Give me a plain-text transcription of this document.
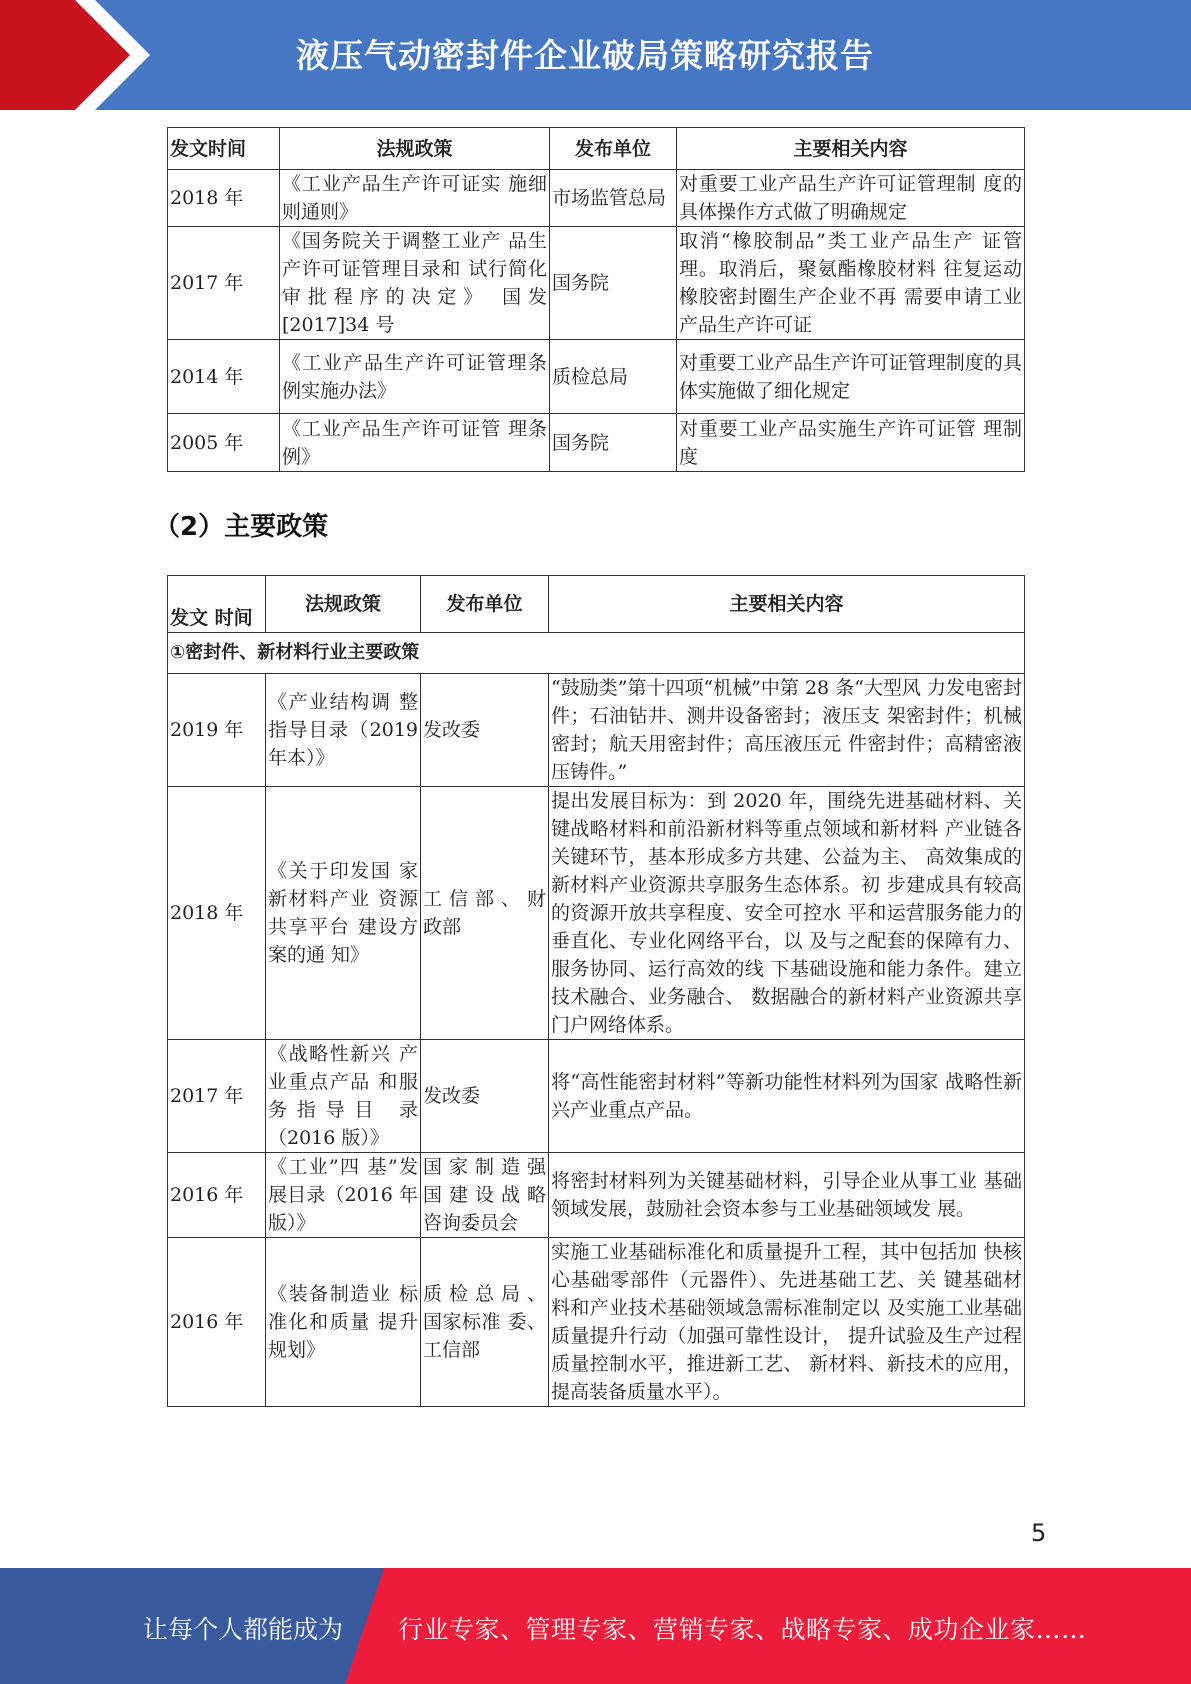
液压气动密封件企业破局策略研究报告
发文时间	法规政策	发布单位	主要相关内容
2018 年	《工业产品生产许可证实 施细则通则》	市场监管总局	对重要工业产品生产许可证管理制 度的具体操作方式做了明确规定
2017 年	《国务院关于调整工业产 品生产许可证管理目录和 试行简化审批程序的决定》 国发[2017]34 号	国务院	取消“橡胶制品”类工业产品生产 证管理。取消后，聚氨酯橡胶材料 往复运动橡胶密封圈生产企业不再 需要申请工业产品生产许可证
2014 年	《工业产品生产许可证管理条例实施办法》	质检总局	对重要工业产品生产许可证管理制度的具体实施做了细化规定
2005 年	《工业产品生产许可证管 理条例》	国务院	对重要工业产品实施生产许可证管 理制度
（2）主要政策
发文 时间	法规政策	发布单位	主要相关内容
①密封件、新材料行业主要政策			
2019 年	《产业结构调 整指导目录（2019 年本）》	发改委	“鼓励类”第十四项“机械”中第 28 条“大型风 力发电密封件；石油钻井、测井设备密封；液压支 架密封件；机械密封；航天用密封件；高压液压元 件密封件；高精密液压铸件。”
2018 年	《关于印发国 家新材料产业 资源共享平台 建设方案的通 知》	工 信 部 、 财政部	提出发展目标为：到 2020 年，围绕先进基础材料、关键战略材料和前沿新材料等重点领域和新材料 产业链各关键环节，基本形成多方共建、公益为主、 高效集成的新材料产业资源共享服务生态体系。初 步建成具有较高的资源开放共享程度、安全可控水 平和运营服务能力的垂直化、专业化网络平台，以 及与之配套的保障有力、服务协同、运行高效的线 下基础设施和能力条件。建立技术融合、业务融合、 数据融合的新材料产业资源共享门户网络体系。
2017 年	《战略性新兴 产业重点产品 和服务指导目 录（2016 版）》	发改委	将“高性能密封材料”等新功能性材料列为国家 战略性新兴产业重点产品。
2016 年	《工业”四 基”发展目录（2016 年版）》	国 家 制 造 强国 建 设 战 略咨询委员会	将密封材料列为关键基础材料，引导企业从事工业 基础领域发展，鼓励社会资本参与工业基础领域发 展。
2016 年	《装备制造业 标准化和质量 提升规划》	质 检 总 局 、国家标准 委、工信部	实施工业基础标准化和质量提升工程，其中包括加 快核心基础零部件（元器件）、先进基础工艺、关 键基础材料和产业技术基础领域急需标准制定以 及实施工业基础质量提升行动（加强可靠性设计， 提升试验及生产过程质量控制水平，推进新工艺、 新材料、新技术的应用，提高装备质量水平）。
5
让每个人都能成为 行业专家、管理专家、营销专家、战略专家、成功企业家……
